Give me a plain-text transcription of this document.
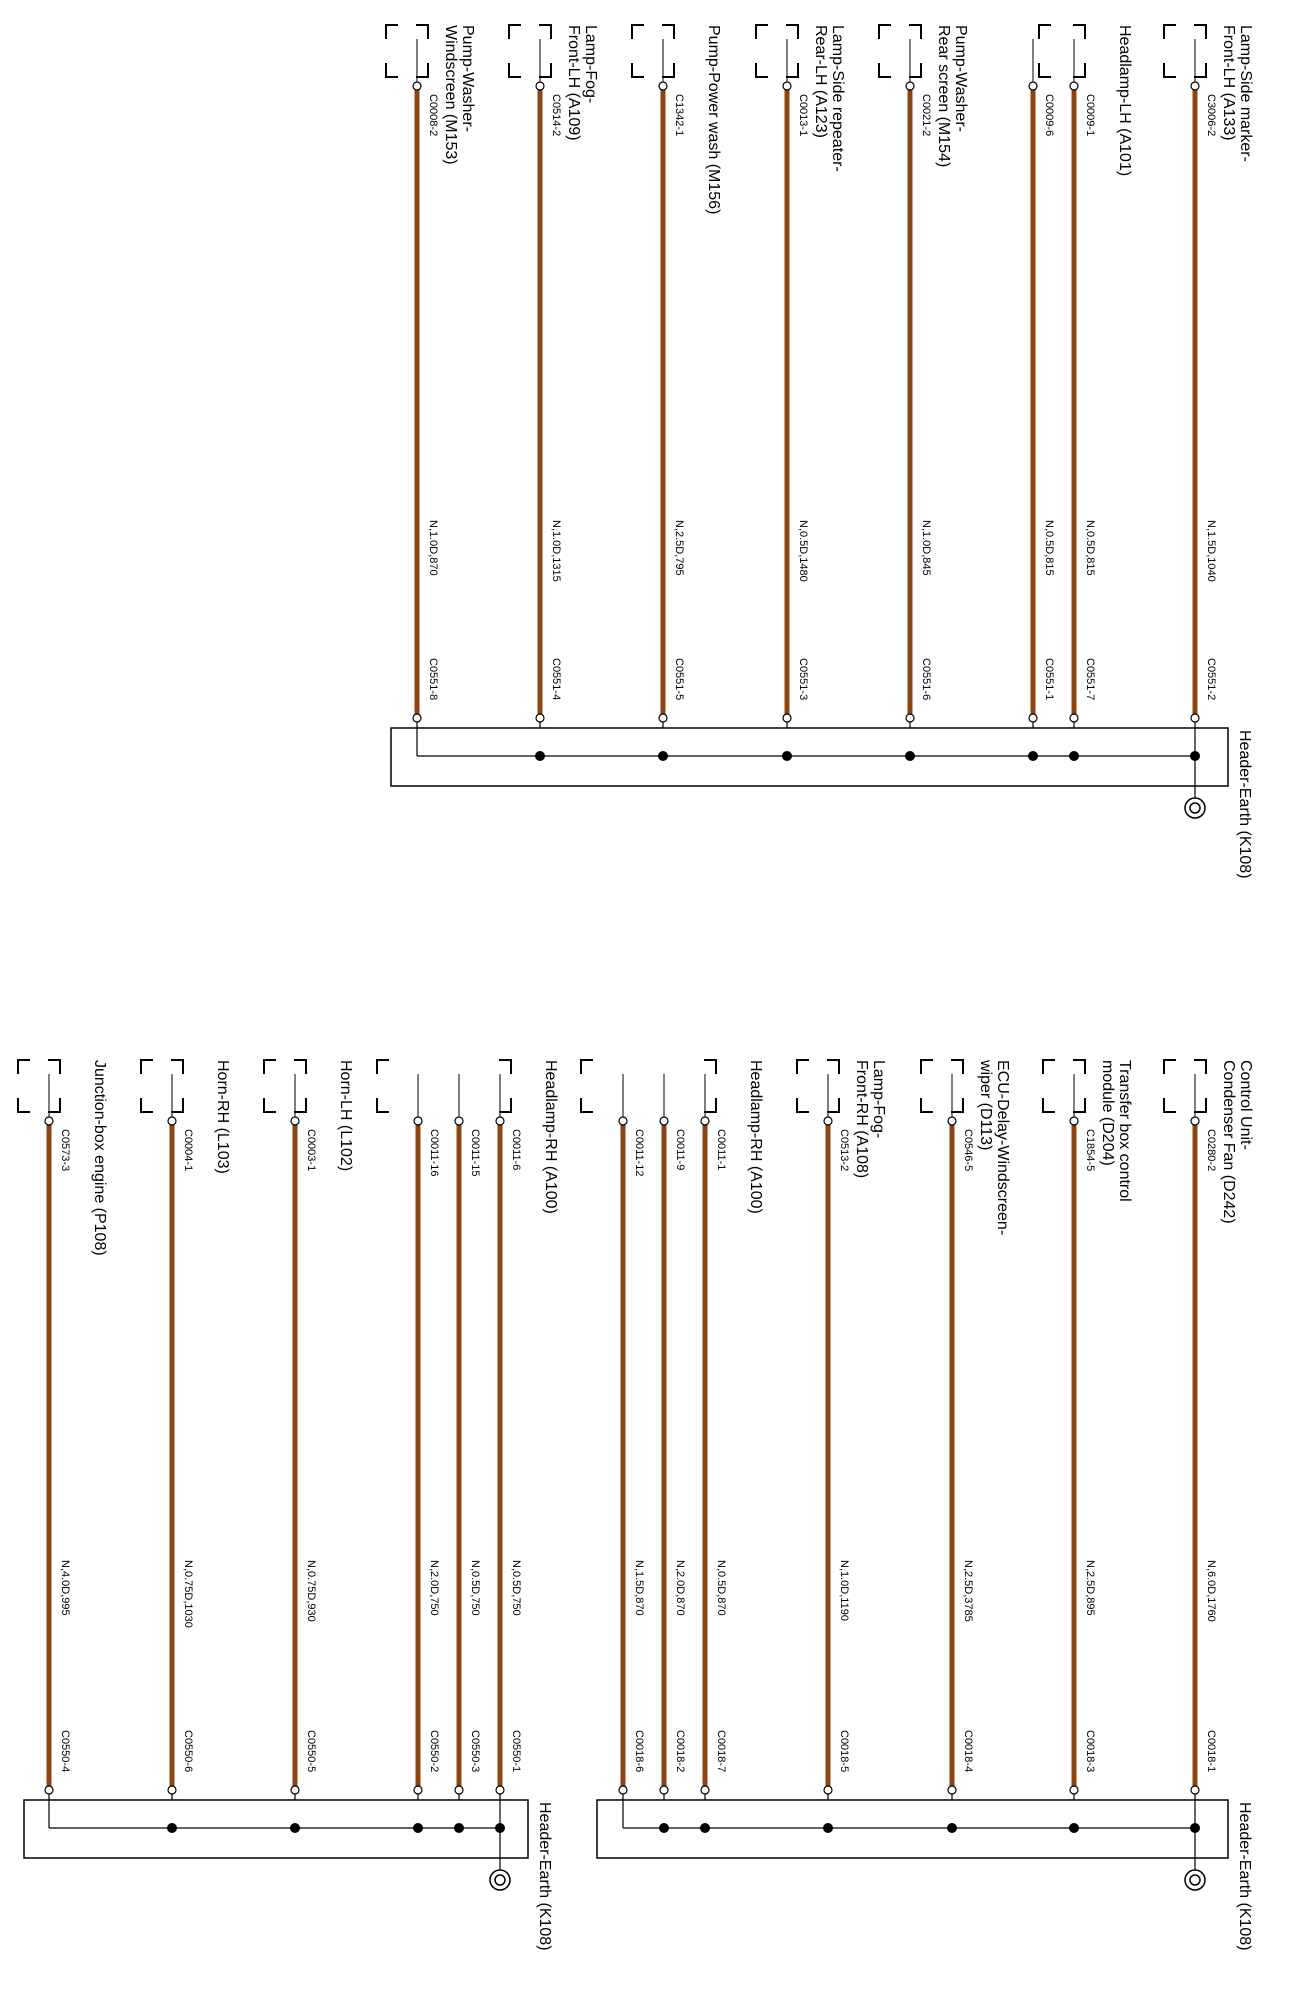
Header-Earth (K108)
Lamp-Side marker-
Front-LH (A133)
C3006-2
N,1.5D,1040
C0551-2
Headlamp-LH (A101)
C0009-1
N,0.5D,815
C0551-7
C0009-6
N,0.5D,815
C0551-1
Pump-Washer-
Rear screen (M154)
C0021-2
N,1.0D,845
C0551-6
Lamp-Side repeater-
Rear-LH (A123)
C0013-1
N,0.5D,1480
C0551-3
Pump-Power wash (M156)
C1342-1
N,2.5D,795
C0551-5
Lamp-Fog-
Front-LH (A109)
C0514-2
N,1.0D,1315
C0551-4
Pump-Washer-
Windscreen (M153)
C0008-2
N,1.0D,870
C0551-8
Header-Earth (K108)
Control Unit-
Condenser Fan (D242)
C0280-2
N,6.0D,1760
C0018-1
Transfer box control
module (D204)
C1854-5
N,2.5D,895
C0018-3
ECU-Delay-Windscreen-
wiper (D113)
C0546-5
N,2.5D,3785
C0018-4
Lamp-Fog-
Front-RH (A108)
C0513-2
N,1.0D,1190
C0018-5
Headlamp-RH (A100)
C0011-1
N,0.5D,870
C0018-7
C0011-9
N,2.0D,870
C0018-2
C0011-12
N,1.5D,870
C0018-6
Header-Earth (K108)
Headlamp-RH (A100)
C0011-6
N,0.5D,750
C0550-1
C0011-15
N,0.5D,750
C0550-3
C0011-16
N,2.0D,750
C0550-2
Horn-LH (L102)
C0003-1
N,0.75D,930
C0550-5
Horn-RH (L103)
C0004-1
N,0.75D,1030
C0550-6
Junction-box engine (P108)
C0573-3
N,4.0D,995
C0550-4
